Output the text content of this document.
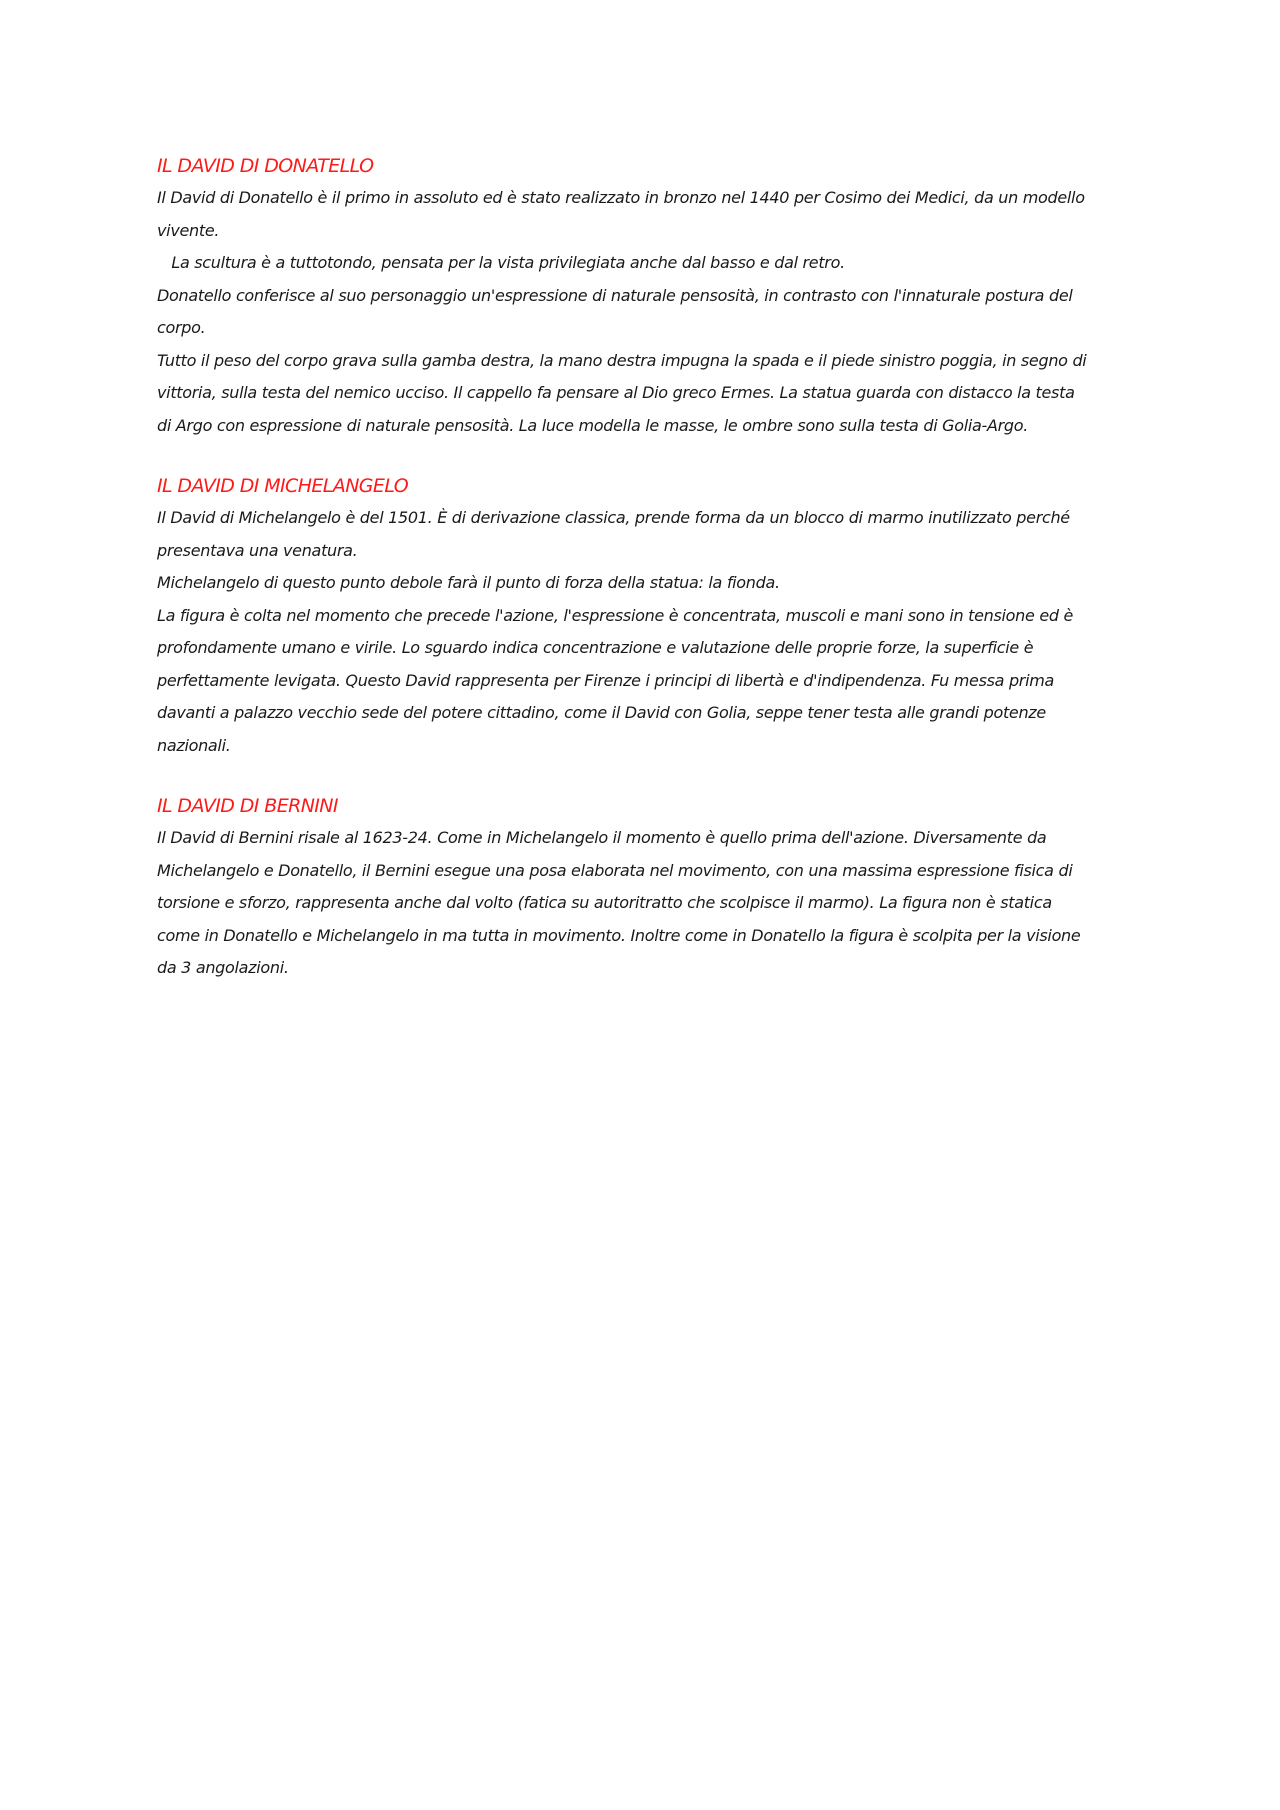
IL DAVID DI DONATELLO
Il David di Donatello è il primo in assoluto ed è stato realizzato in bronzo nel 1440 per Cosimo dei Medici, da un modello
vivente.
La scultura è a tuttotondo, pensata per la vista privilegiata anche dal basso e dal retro.
Donatello conferisce al suo personaggio un'espressione di naturale pensosità, in contrasto con l'innaturale postura del
corpo.
Tutto il peso del corpo grava sulla gamba destra, la mano destra impugna la spada e il piede sinistro poggia, in segno di
vittoria, sulla testa del nemico ucciso. Il cappello fa pensare al Dio greco Ermes. La statua guarda con distacco la testa
di Argo con espressione di naturale pensosità. La luce modella le masse, le ombre sono sulla testa di Golia-Argo.
IL DAVID DI MICHELANGELO
Il David di Michelangelo è del 1501. È di derivazione classica, prende forma da un blocco di marmo inutilizzato perché
presentava una venatura.
Michelangelo di questo punto debole farà il punto di forza della statua: la fionda.
La figura è colta nel momento che precede l'azione, l'espressione è concentrata, muscoli e mani sono in tensione ed è
profondamente umano e virile. Lo sguardo indica concentrazione e valutazione delle proprie forze, la superficie è
perfettamente levigata. Questo David rappresenta per Firenze i principi di libertà e d'indipendenza. Fu messa prima
davanti a palazzo vecchio sede del potere cittadino, come il David con Golia, seppe tener testa alle grandi potenze
nazionali.
IL DAVID DI BERNINI
Il David di Bernini risale al 1623-24. Come in Michelangelo il momento è quello prima dell'azione. Diversamente da
Michelangelo e Donatello, il Bernini esegue una posa elaborata nel movimento, con una massima espressione fisica di
torsione e sforzo, rappresenta anche dal volto (fatica su autoritratto che scolpisce il marmo). La figura non è statica
come in Donatello e Michelangelo in ma tutta in movimento. Inoltre come in Donatello la figura è scolpita per la visione
da 3 angolazioni.
